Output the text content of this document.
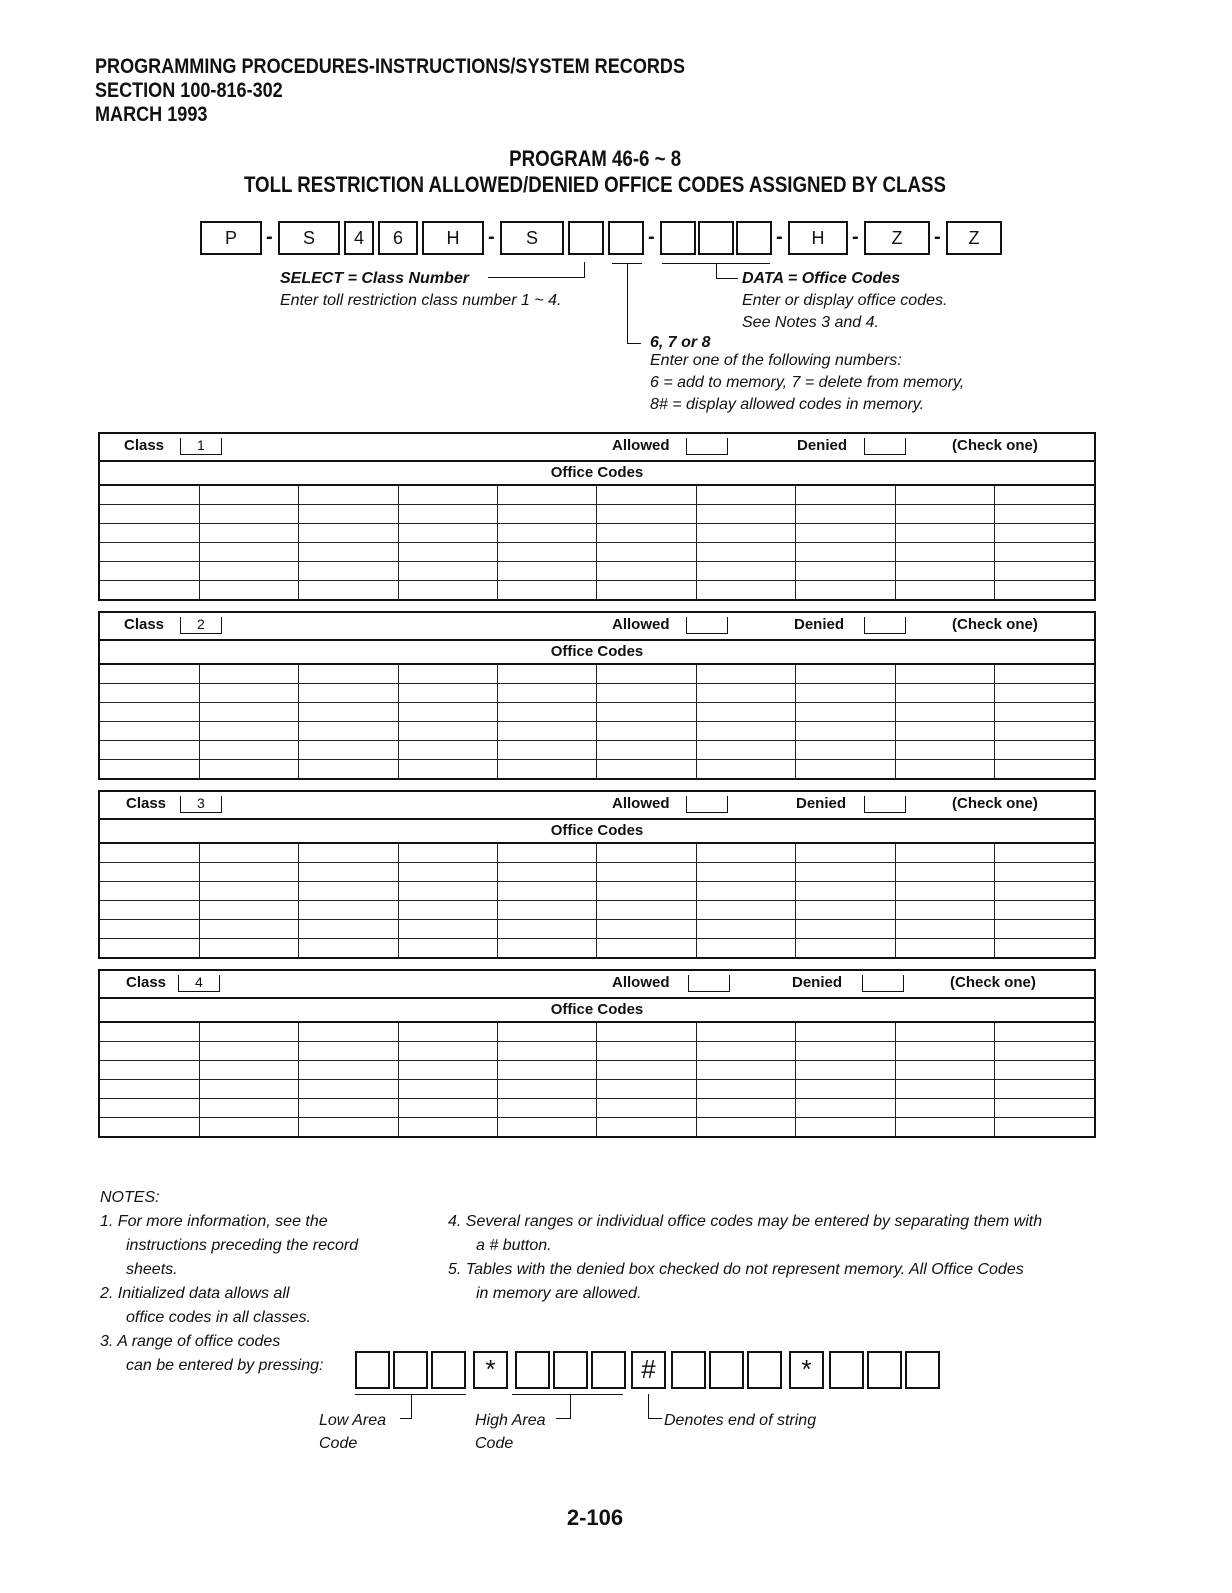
PROGRAMMING PROCEDURES-INSTRUCTIONS/SYSTEM RECORDS
SECTION 100-816-302
MARCH 1993
PROGRAM 46-6 ~ 8
TOLL RESTRICTION ALLOWED/DENIED OFFICE CODES ASSIGNED BY CLASS
P	-	S	4	6	H	-	S	-	-	H	-	Z	-	Z
SELECT = Class Number
Enter toll restriction class number 1 ~ 4.
DATA = Office Codes
Enter or display office codes.
See Notes 3 and 4.
6, 7 or 8
Enter one of the following numbers:
6 = add to memory, 7 = delete from memory,
8# = display allowed codes in memory.
Class	1	Allowed	Denied	(Check one)
Office Codes

Class	2	Allowed	Denied	(Check one)
Office Codes

Class	3	Allowed	Denied	(Check one)
Office Codes

Class	4	Allowed	Denied	(Check one)
Office Codes

NOTES:
1. For more information, see the
instructions preceding the record
sheets.
2. Initialized data allows all
office codes in all classes.
3. A range of office codes
can be entered by pressing:
4. Several ranges or individual office codes may be entered by separating them with
a # button.
5. Tables with the denied box checked do not represent memory. All Office Codes
in memory are allowed.
*	#	*
Low Area
Code
High Area
Code
Denotes end of string
2-106
